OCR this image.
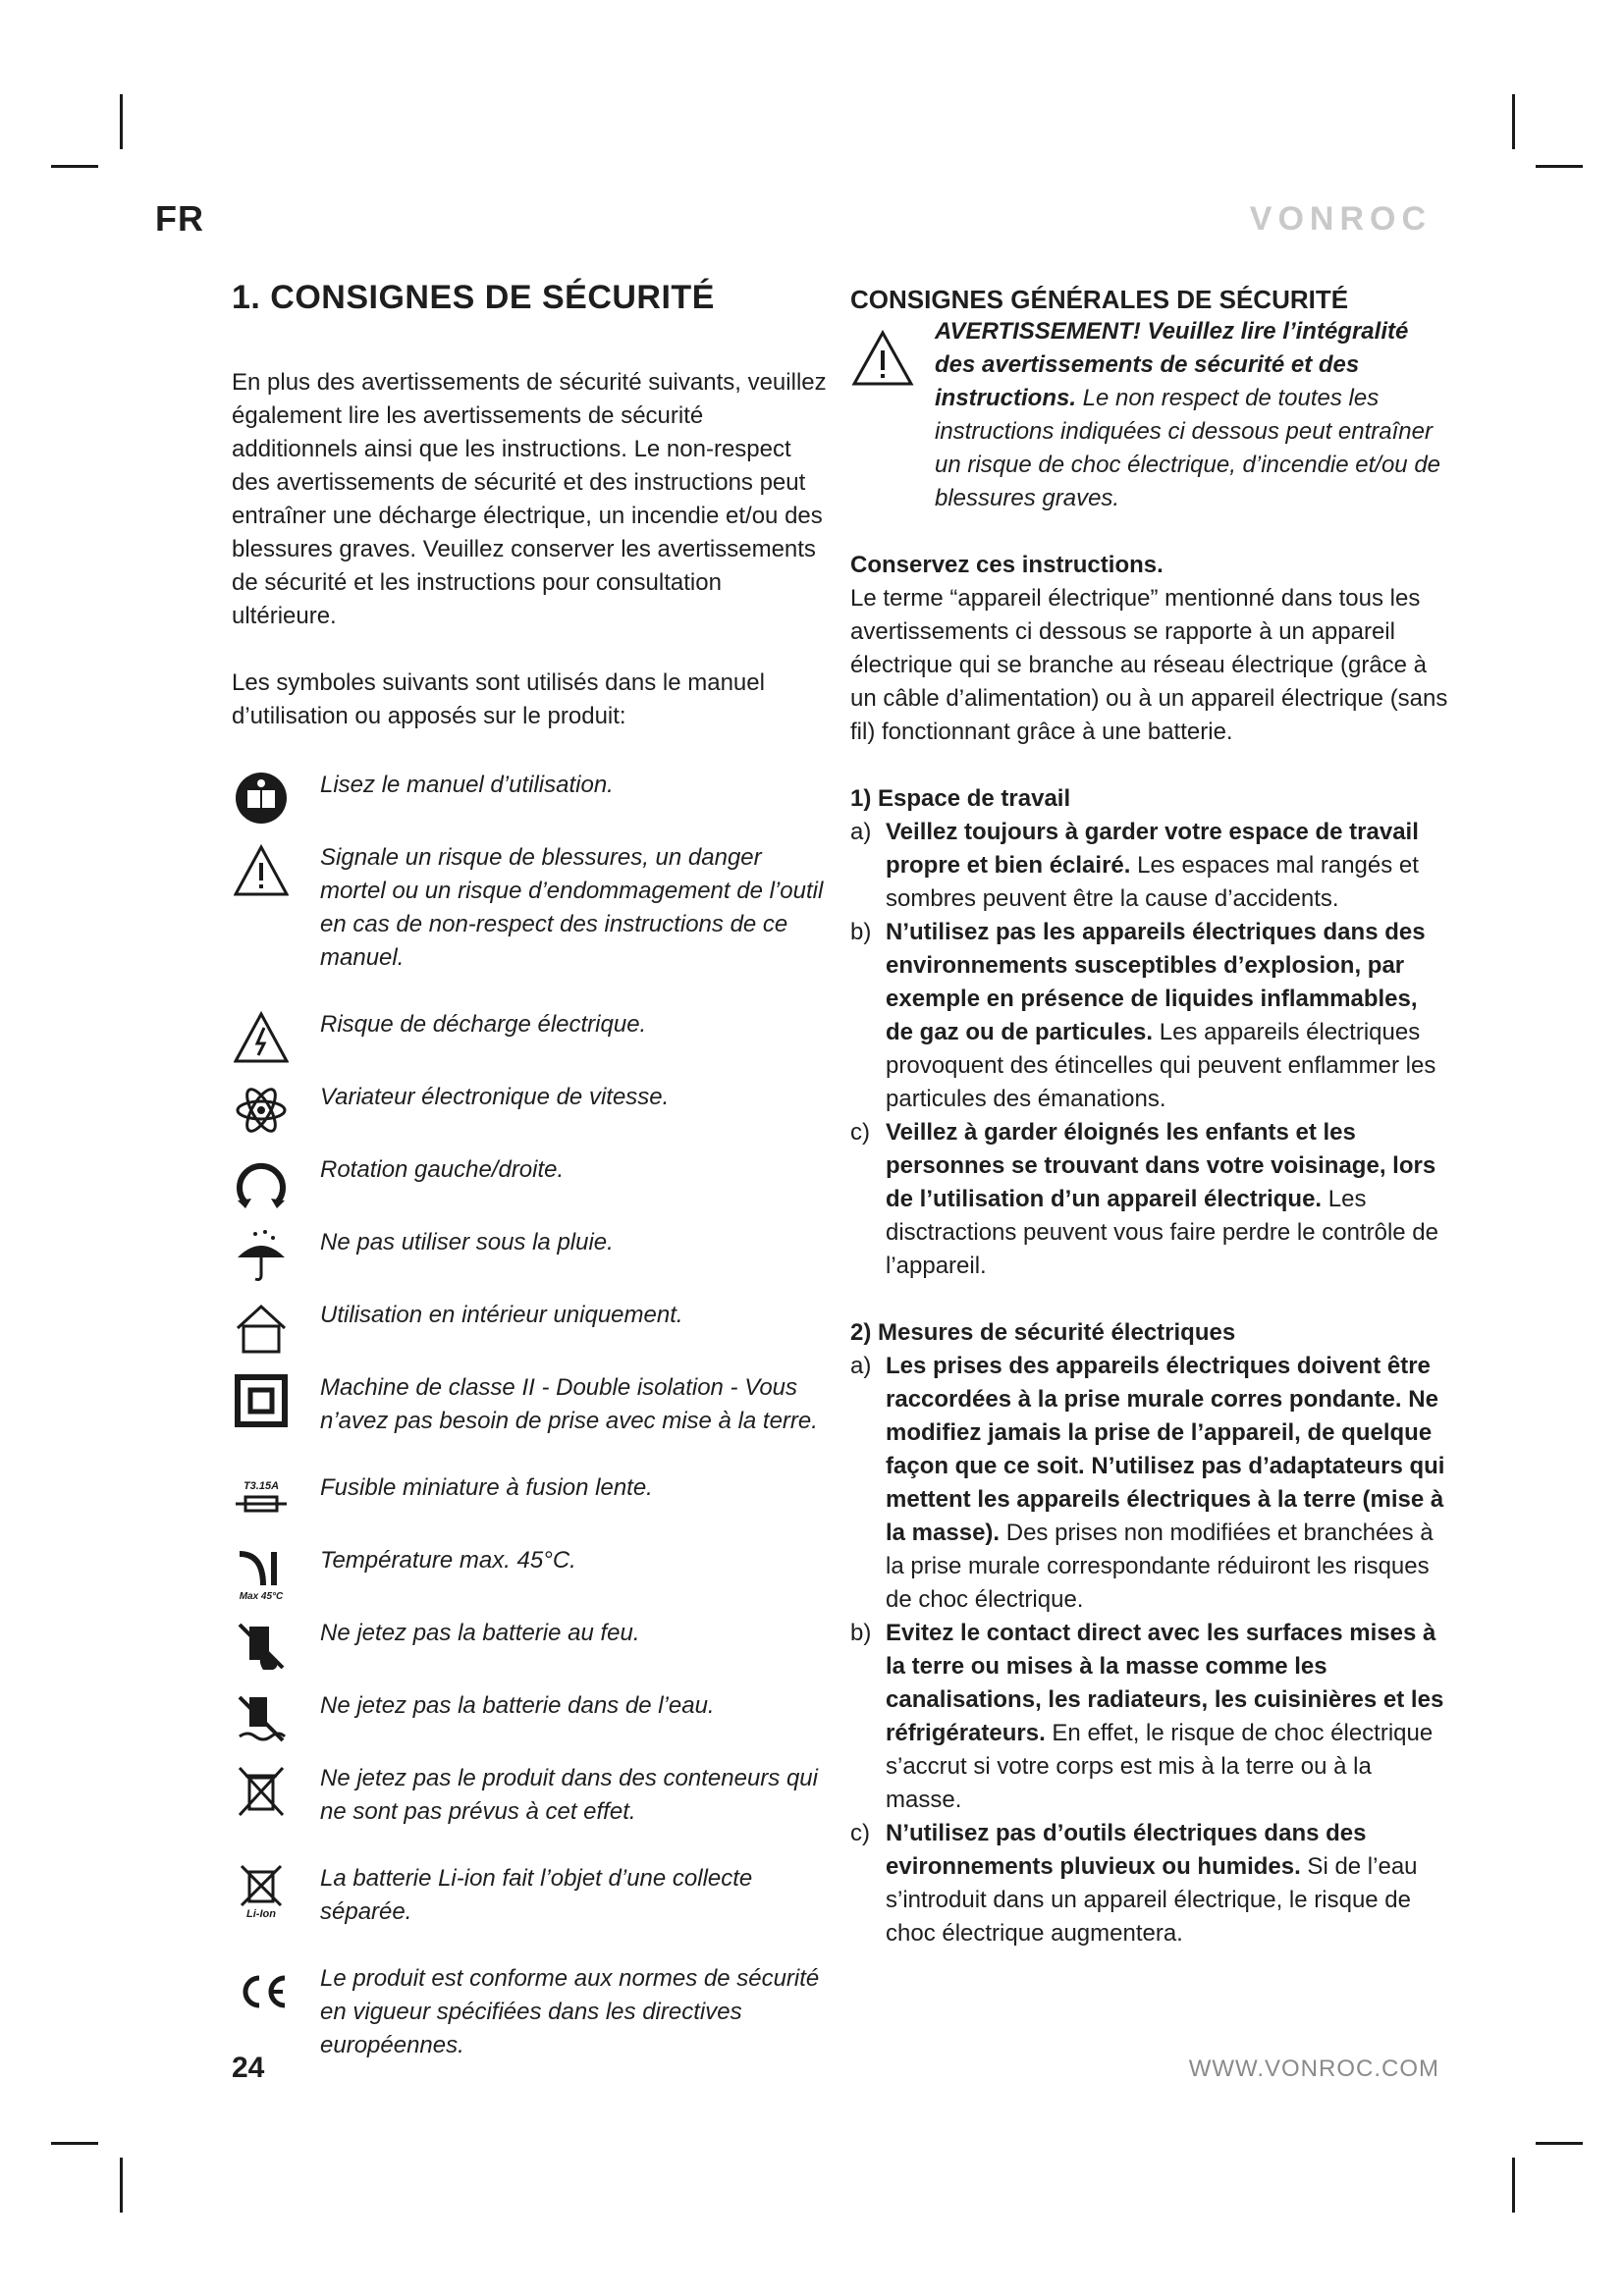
FR	VONROC
1. CONSIGNES DE SÉCURITÉ

En plus des avertissements de sécurité suivants, veuillez également lire les avertissements de sécurité additionnels ainsi que les instructions. Le non-respect des avertissements de sécurité et des instructions peut entraîner une décharge électrique, un incendie et/ou des blessures graves. Veuillez conserver les avertissements de sécurité et les instructions pour consultation ultérieure.

Les symboles suivants sont utilisés dans le manuel d’utilisation ou apposés sur le produit:

Lisez le manuel d’utilisation.
Signale un risque de blessures, un danger mortel ou un risque d’endommagement de l’outil en cas de non-respect des instructions de ce manuel.
Risque de décharge électrique.
Variateur électronique de vitesse.
Rotation gauche/droite.
Ne pas utiliser sous la pluie.
Utilisation en intérieur uniquement.
Machine de classe II - Double isolation - Vous n’avez pas besoin de prise avec mise à la terre.
T3.15A Fusible miniature à fusion lente.
Max 45°C
Température max. 45°C.
Ne jetez pas la batterie au feu.
Ne jetez pas la batterie dans de l’eau.
Ne jetez pas le produit dans des conteneurs qui ne sont pas prévus à cet effet.
Li-Ion
La batterie Li-ion fait l’objet d’une collecte séparée.
Le produit est conforme aux normes de sécurité en vigueur spécifiées dans les directives européennes.
CONSIGNES GÉNÉRALES DE SÉCURITÉ
AVERTISSEMENT! Veuillez lire l’intégralité des avertissements de sécurité et des instructions. Le non respect de toutes les instructions indiquées ci dessous peut entraîner un risque de choc électrique, d’incendie et/ou de blessures graves.

Conservez ces instructions.

Le terme “appareil électrique” mentionné dans tous les avertissements ci dessous se rapporte à un appareil électrique qui se branche au réseau électrique (grâce à un câble d’alimentation) ou à un appareil électrique (sans fil) fonctionnant grâce à une batterie.

1) Espace de travail

a) Veillez toujours à garder votre espace de travail propre et bien éclairé. Les espaces mal rangés et sombres peuvent être la cause d’accidents.
b) N’utilisez pas les appareils électriques dans des environnements susceptibles d’explosion, par exemple en présence de liquides inflammables, de gaz ou de particules. Les appareils électriques provoquent des étincelles qui peuvent enflammer les particules des émanations.
c) Veillez à garder éloignés les enfants et les personnes se trouvant dans votre voisinage, lors de l’utilisation d’un appareil électrique. Les disctractions peuvent vous faire perdre le contrôle de l’appareil.

2) Mesures de sécurité électriques

a) Les prises des appareils électriques doivent être raccordées à la prise murale corres pondante. Ne modifiez jamais la prise de l’appareil, de quelque façon que ce soit. N’utilisez pas d’adaptateurs qui mettent les appareils électriques à la terre (mise à la masse). Des prises non modifiées et branchées à la prise murale correspondante réduiront les risques de choc électrique.
b) Evitez le contact direct avec les surfaces mises à la terre ou mises à la masse comme les canalisations, les radiateurs, les cuisinières et les réfrigérateurs. En effet, le risque de choc électrique s’accrut si votre corps est mis à la terre ou à la masse.
c) N’utilisez pas d’outils électriques dans des evironnements pluvieux ou humides. Si de l’eau s’introduit dans un appareil électrique, le risque de choc électrique augmentera.
24	WWW.VONROC.COM
